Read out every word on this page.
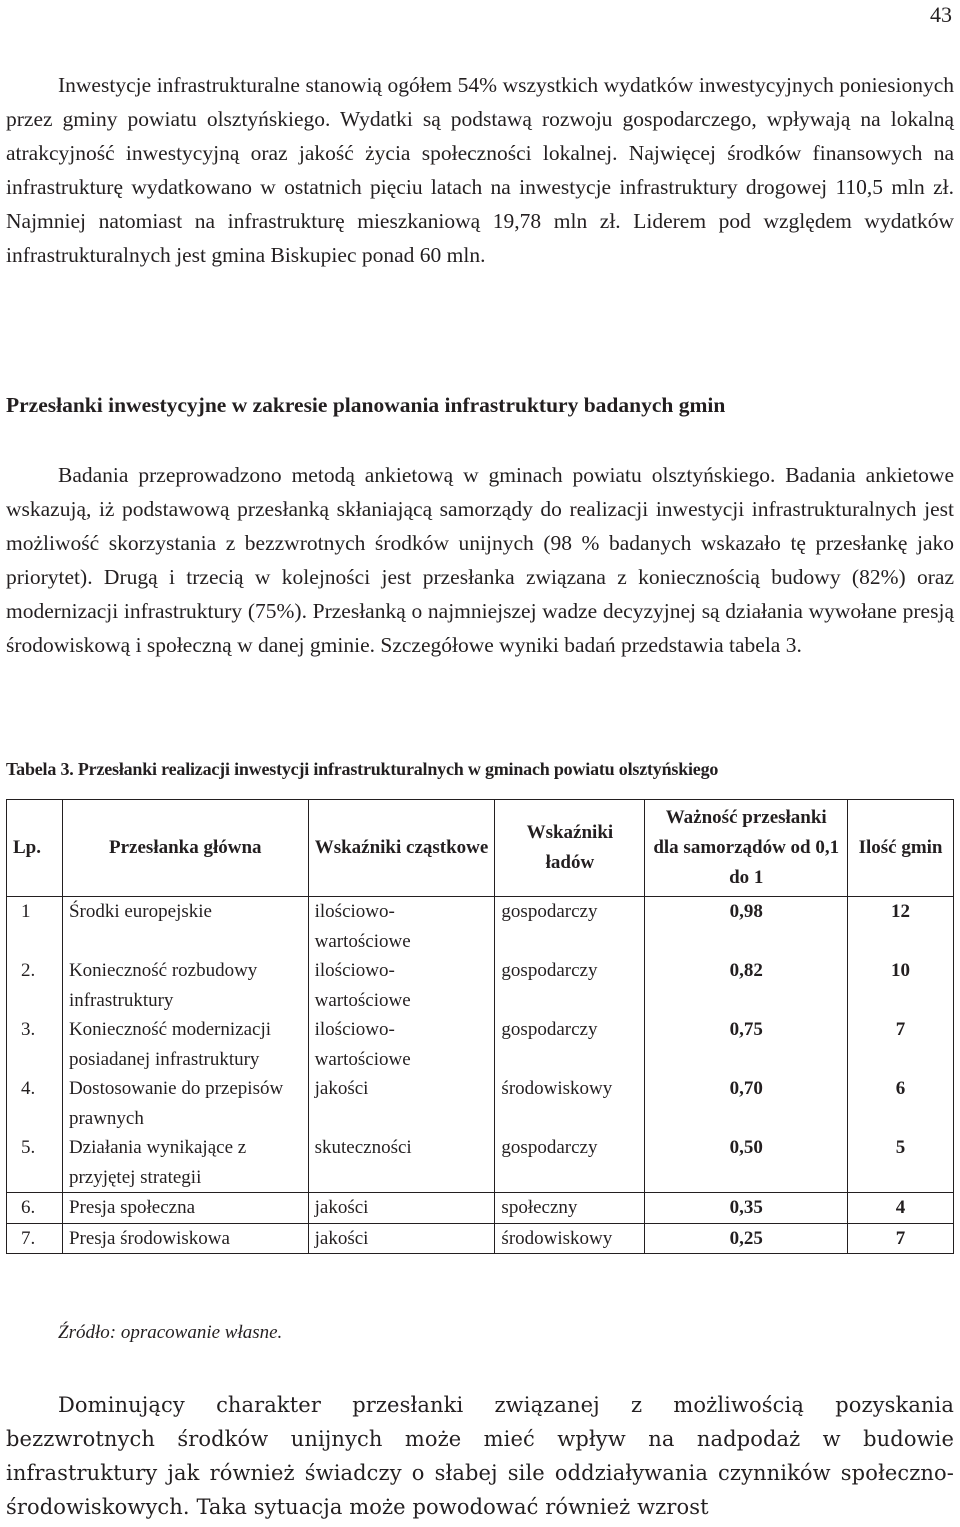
43

Inwestycje infrastrukturalne stanowią ogółem 54% wszystkich wydatków inwestycyjnych poniesionych przez gminy powiatu olsztyńskiego. Wydatki są podstawą rozwoju gospodarczego, wpływają na lokalną atrakcyjność inwestycyjną oraz jakość życia społeczności lokalnej. Najwięcej środków finansowych na infrastrukturę wydatkowano w ostatnich pięciu latach na inwestycje infrastruktury drogowej 110,5 mln zł. Najmniej natomiast na infrastrukturę mieszkaniową 19,78 mln zł. Liderem pod względem wydatków infrastrukturalnych jest gmina Biskupiec ponad 60 mln.

Przesłanki inwestycyjne w zakresie planowania infrastruktury badanych gmin

Badania przeprowadzono metodą ankietową w gminach powiatu olsztyńskiego. Badania ankietowe wskazują, iż podstawową przesłanką skłaniającą samorządy do realizacji inwestycji infrastrukturalnych jest możliwość skorzystania z bezzwrotnych środków unijnych (98 % badanych wskazało tę przesłankę jako priorytet). Drugą i trzecią w kolejności jest przesłanka związana z koniecznością budowy (82%) oraz modernizacji infrastruktury (75%). Przesłanką o najmniejszej wadze decyzyjnej są działania wywołane presją środowiskową i społeczną w danej gminie. Szczegółowe wyniki badań przedstawia tabela 3.

Tabela 3. Przesłanki realizacji inwestycji infrastrukturalnych w gminach powiatu olsztyńskiego

Lp.	Przesłanka główna	Wskaźniki cząstkowe	Wskaźniki ładów	Ważność przesłanki dla samorządów od 0,1 do 1	Ilość gmin
1	Środki europejskie	ilościowo-wartościowe	gospodarczy	0,98	12
2.	Konieczność rozbudowy infrastruktury	ilościowo-wartościowe	gospodarczy	0,82	10
3.	Konieczność modernizacji posiadanej infrastruktury	ilościowo-wartościowe	gospodarczy	0,75	7
4.	Dostosowanie do przepisów prawnych	jakości	środowiskowy	0,70	6
5.	Działania wynikające z przyjętej strategii	skuteczności	gospodarczy	0,50	5
6.	Presja społeczna	jakości	społeczny	0,35	4
7.	Presja środowiskowa	jakości	środowiskowy	0,25	7

Źródło: opracowanie własne.

Dominujący charakter przesłanki związanej z możliwością pozyskania bezzwrotnych środków unijnych może mieć wpływ na nadpodaż w budowie infrastruktury jak również świadczy o słabej sile oddziaływania czynników społeczno-środowiskowych. Taka sytuacja może powodować również wzrost
